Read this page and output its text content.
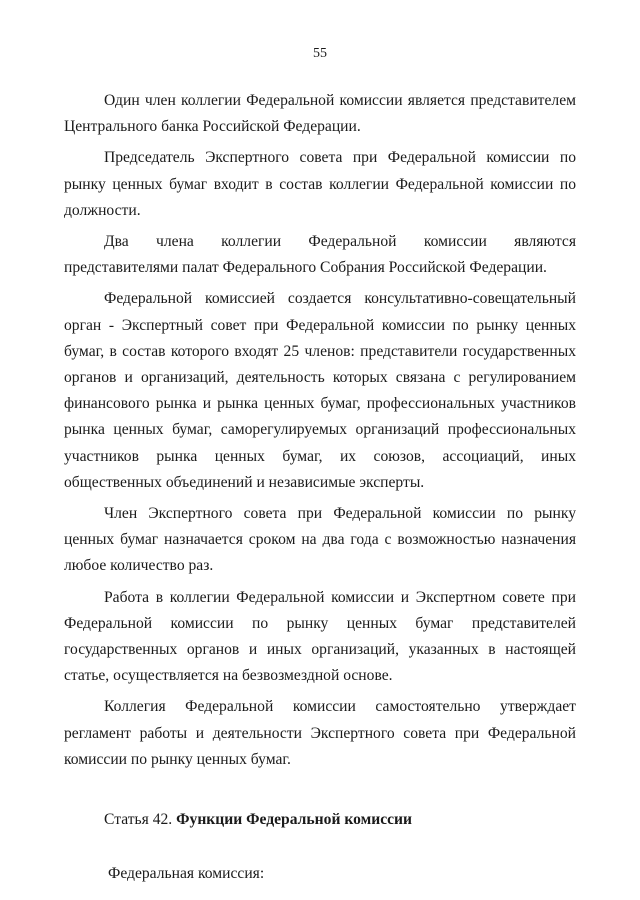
55

Один член коллегии Федеральной комиссии является представителем Центрального банка Российской Федерации.

Председатель Экспертного совета при Федеральной комиссии по рынку ценных бумаг входит в состав коллегии Федеральной комиссии по должности.

Два члена коллегии Федеральной комиссии являются представителями палат Федерального Собрания Российской Федерации.

Федеральной комиссией создается консультативно-совещательный орган - Экспертный совет при Федеральной комиссии по рынку ценных бумаг, в состав которого входят 25 членов: представители государственных органов и организаций, деятельность которых связана с регулированием финансового рынка и рынка ценных бумаг, профессиональных участников рынка ценных бумаг, саморегулируемых организаций профессиональных участников рынка ценных бумаг, их союзов, ассоциаций, иных общественных объединений и независимые эксперты.

Член Экспертного совета при Федеральной комиссии по рынку ценных бумаг назначается сроком на два года с возможностью назначения любое количество раз.

Работа в коллегии Федеральной комиссии и Экспертном совете при Федеральной комиссии по рынку ценных бумаг представителей государственных органов и иных организаций, указанных в настоящей статье, осуществляется на безвозмездной основе.

Коллегия Федеральной комиссии самостоятельно утверждает регламент работы и деятельности Экспертного совета при Федеральной комиссии по рынку ценных бумаг.

Статья 42. Функции Федеральной комиссии
Федеральная комиссия:
